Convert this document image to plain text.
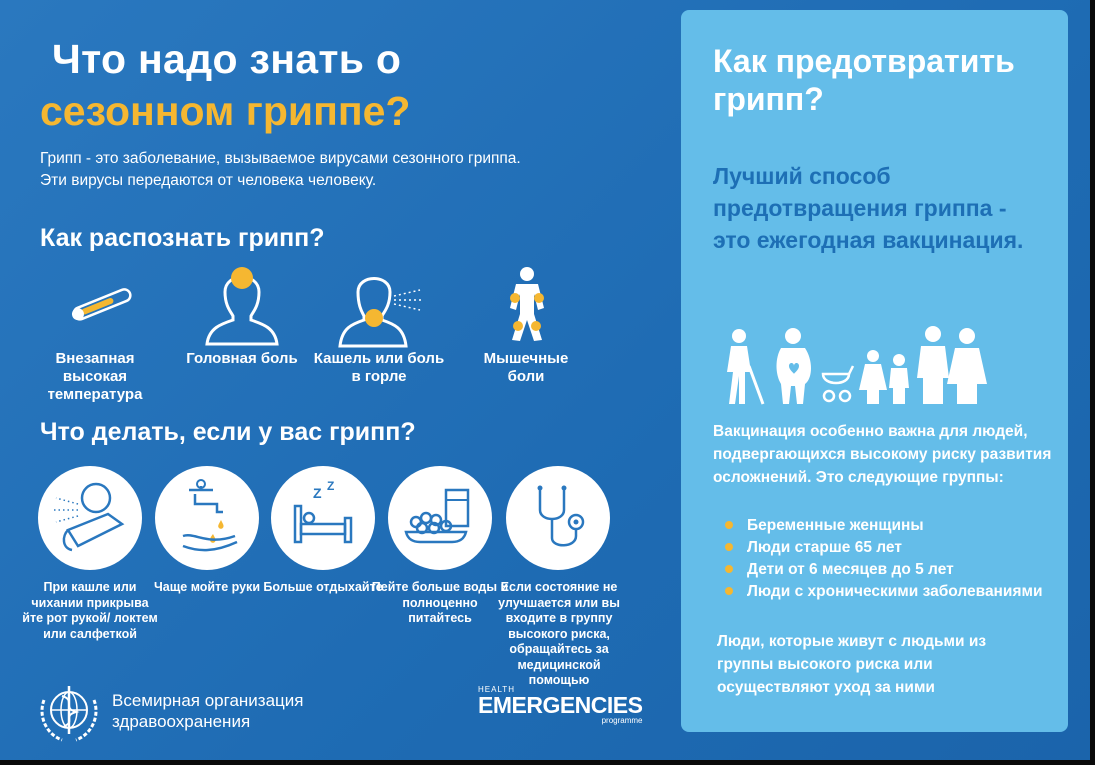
Что надо знать о
сезонном гриппе?
Грипп - это заболевание, вызываемое вирусами сезонного гриппа.
Эти вирусы передаются от человека человеку.
Как распознать грипп?
Внезапная высокая температура
Головная боль	Кашель или боль в горле
Мышечные боли
Что делать, если у вас грипп?
При кашле или чихании прикрыва йте рот рукой/ локтем или салфеткой
Чаще мойте руки
Z Z
Больше отдыхайте
Пейте больше воды и полноценно питайтесь
Если состояние не улучшается или вы входите в группу высокого риска, обращайтесь за медицинской помощью
Всемирная организация
здравоохранения
HEALTH
EMERGENCIES
programme
Как предотвратить
грипп?
Лучший способ
предотвращения гриппа -
это ежегодная вакцинация.
Вакцинация особенно важна для людей, подвергающихся высокому риску развития осложнений. Это следующие группы:
Беременные женщины
Люди старше 65 лет
Дети от 6 месяцев до 5 лет
Люди с хроническими заболеваниями
Люди, которые живут с людьми из группы высокого риска или осуществляют уход за ними
